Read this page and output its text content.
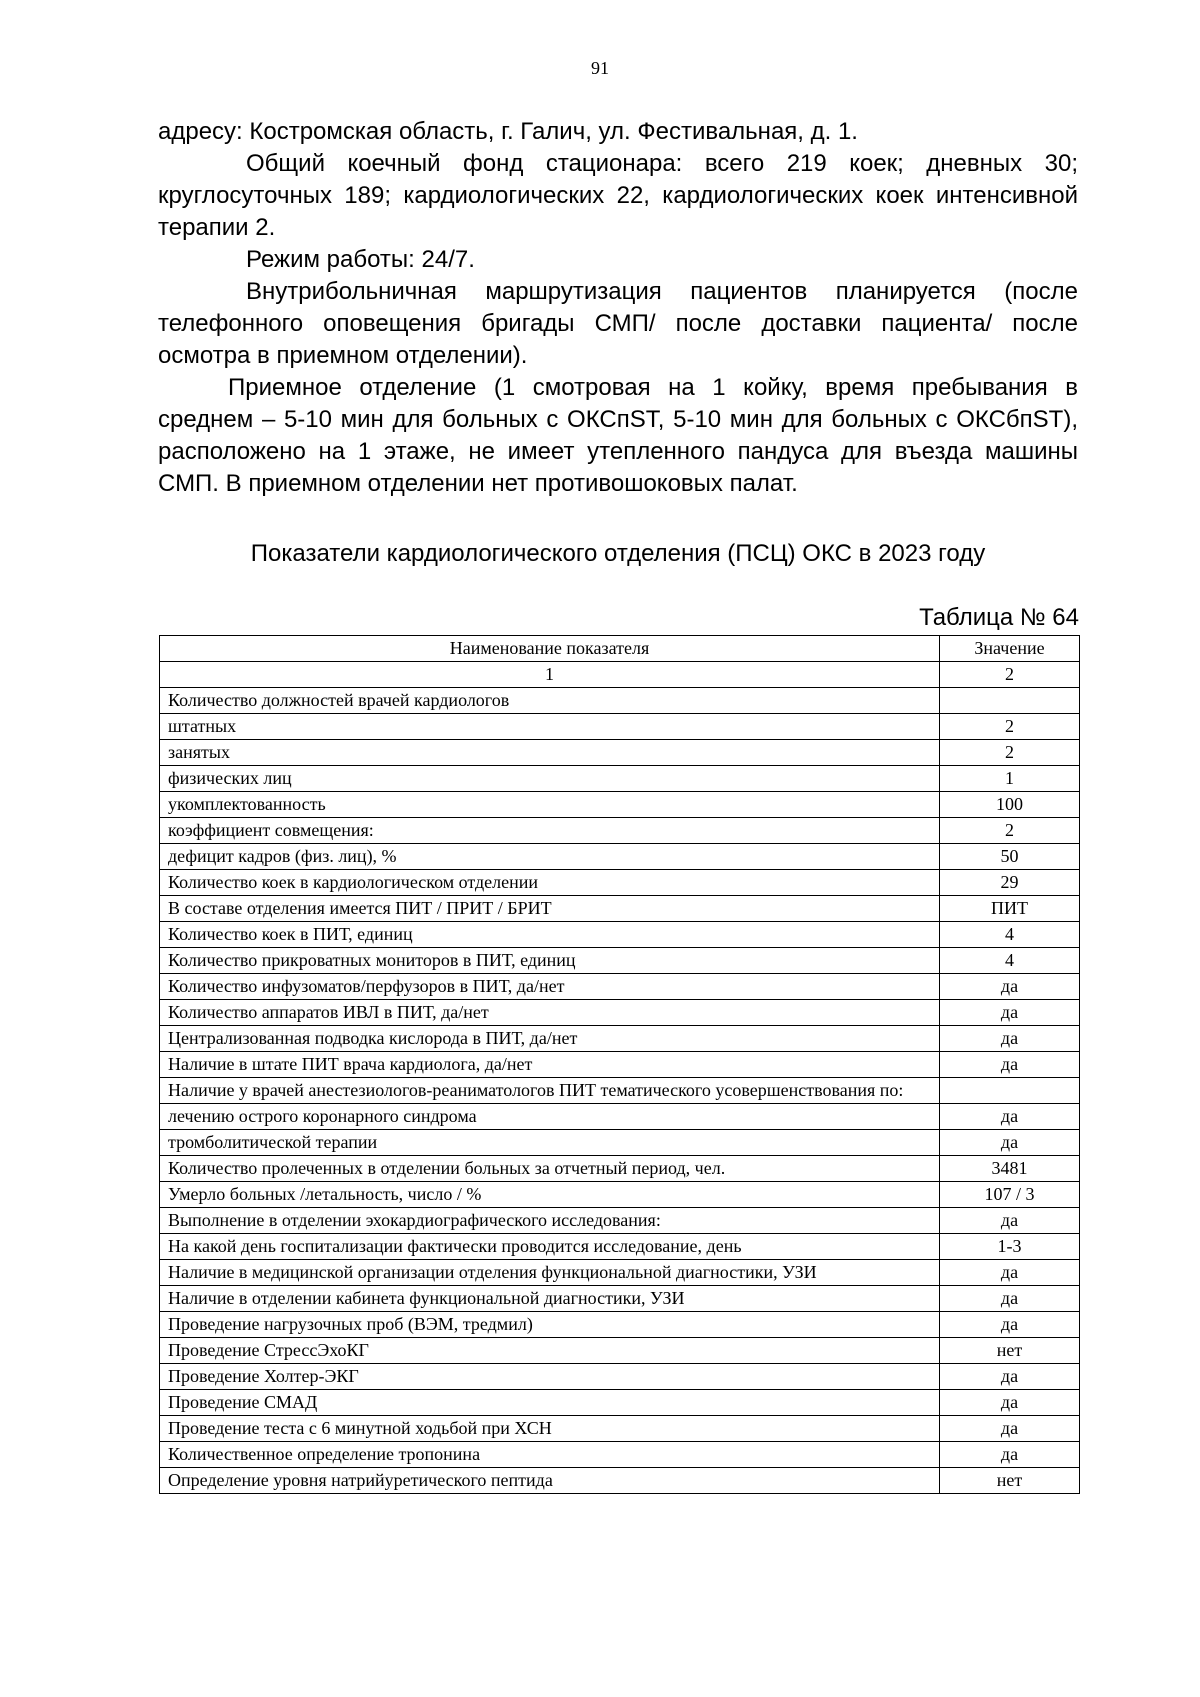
91

адресу: Костромская область, г. Галич, ул. Фестивальная, д. 1.

Общий коечный фонд стационара: всего 219 коек; дневных 30; круглосуточных 189; кардиологических 22, кардиологических коек интенсивной терапии 2.

Режим работы: 24/7.

Внутрибольничная маршрутизация пациентов планируется (после телефонного оповещения бригады СМП/ после доставки пациента/ после осмотра в приемном отделении).

Приемное отделение (1 смотровая на 1 койку, время пребывания в среднем – 5-10 мин для больных с ОКСпST, 5-10 мин для больных с ОКСбпST), расположено на 1 этаже, не имеет утепленного пандуса для въезда машины СМП. В приемном отделении нет противошоковых палат.

Показатели кардиологического отделения (ПСЦ) ОКС в 2023 году
Таблица № 64
Наименование показателя	Значение
1	2
Количество должностей врачей кардиологов	
штатных	2
занятых	2
физических лиц	1
укомплектованность	100
коэффициент совмещения:	2
дефицит кадров (физ. лиц), %	50
Количество коек в кардиологическом отделении	29
В составе отделения имеется ПИТ / ПРИТ / БРИТ	ПИТ
Количество коек в ПИТ, единиц	4
Количество прикроватных мониторов в ПИТ, единиц	4
Количество инфузоматов/перфузоров в ПИТ, да/нет	да
Количество аппаратов ИВЛ в ПИТ, да/нет	да
Централизованная подводка кислорода в ПИТ, да/нет	да
Наличие в штате ПИТ врача кардиолога, да/нет	да
Наличие у врачей анестезиологов-реаниматологов ПИТ тематического усовершенствования по:	
лечению острого коронарного синдрома	да
тромболитической терапии	да
Количество пролеченных в отделении больных за отчетный период, чел.	3481
Умерло больных /летальность, число / %	107 / 3
Выполнение в отделении эхокардиографического исследования:	да
На какой день госпитализации фактически проводится исследование, день	1-3
Наличие в медицинской организации отделения функциональной диагностики, УЗИ	да
Наличие в отделении кабинета функциональной диагностики, УЗИ	да
Проведение нагрузочных проб (ВЭМ, тредмил)	да
Проведение СтрессЭхоКГ	нет
Проведение Холтер-ЭКГ	да
Проведение СМАД	да
Проведение теста с 6 минутной ходьбой при ХСН	да
Количественное определение тропонина	да
Определение уровня натрийуретического пептида	нет
